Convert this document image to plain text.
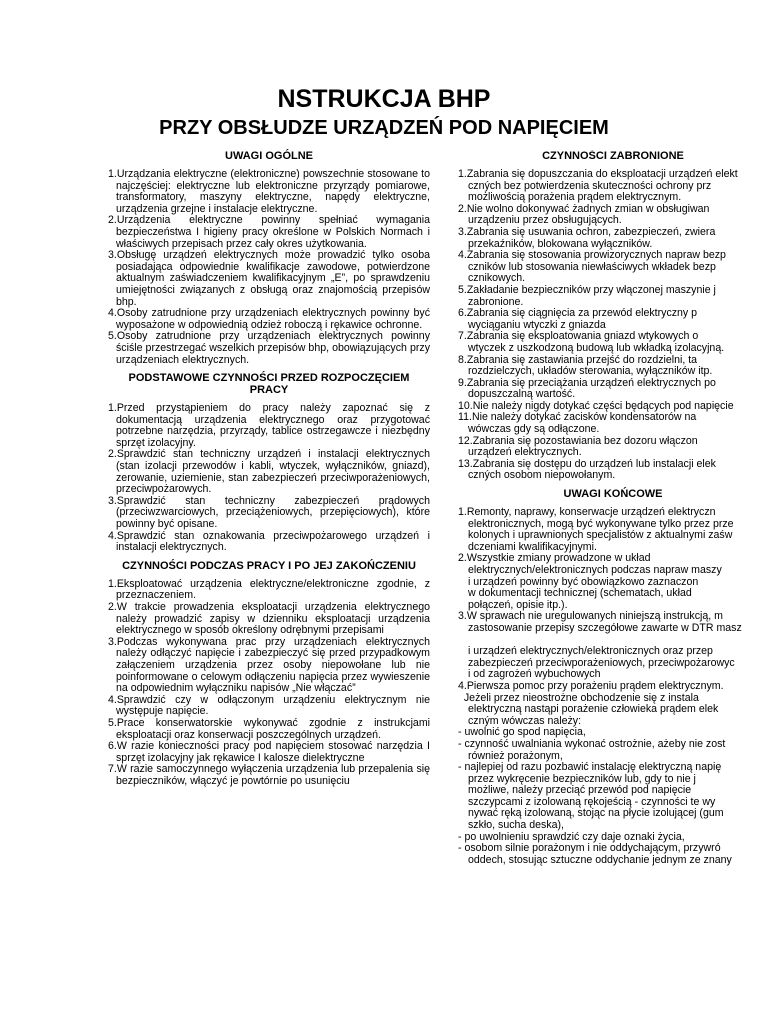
NSTRUKCJA BHP
PRZY OBSŁUDZE URZĄDZEŃ POD NAPIĘCIEM
UWAGI OGÓLNE
1.Urządzania elektryczne (elektroniczne) powszechnie stosowane to najczęściej: elektryczne lub elektroniczne przyrządy pomiarowe, transformatory, maszyny elektryczne, napędy elektryczne, urządzenia grzejne i instalacje elektryczne.
2.Urządzenia elektryczne powinny spełniać wymagania bezpieczeństwa I higieny pracy określone w Polskich Normach i właściwych przepisach przez cały okres użytkowania.
3.Obsługę urządzeń elektrycznych może prowadzić tylko osoba posiadająca odpowiednie kwalifikacje zawodowe, potwierdzone aktualnym zaświadczeniem kwalifikacyjnym „E”, po sprawdzeniu umiejętności związanych z obsługą oraz znajomością przepisów bhp.
4.Osoby zatrudnione przy urządzeniach elektrycznych powinny być wyposażone w odpowiednią odzież roboczą i rękawice ochronne.
5.Osoby zatrudnione przy urządzeniach elektrycznych powinny ściśle przestrzegać wszelkich przepisów bhp, obowiązujących przy urządzeniach elektrycznych.
PODSTAWOWE CZYNNOŚCI PRZED ROZPOCZĘCIEM PRACY
1.Przed przystąpieniem do pracy należy zapoznać się z dokumentacją urządzenia elektrycznego oraz przygotować potrzebne narzędzia, przyrządy, tablice ostrzegawcze i niezbędny sprzęt izolacyjny.
2.Sprawdzić stan techniczny urządzeń i instalacji elektrycznych (stan izolacji przewodów i kabli, wtyczek, wyłączników, gniazd), zerowanie, uziemienie, stan zabezpieczeń przeciwporażeniowych, przeciwpożarowych.
3.Sprawdzić stan techniczny zabezpieczeń prądowych (przeciwzwarciowych, przeciążeniowych, przepięciowych), które powinny być opisane.
4.Sprawdzić stan oznakowania przeciwpożarowego urządzeń i instalacji elektrycznych.
CZYNNOŚCI PODCZAS PRACY I PO JEJ ZAKOŃCZENIU
1.Eksploatować urządzenia elektryczne/elektroniczne zgodnie, z przeznaczeniem.
2.W trakcie prowadzenia eksploatacji urządzenia elektrycznego należy prowadzić zapisy w dzienniku eksploatacji urządzenia elektrycznego w sposób określony odrębnymi przepisami
3.Podczas wykonywana prac przy urządzeniach elektrycznych należy odłączyć napięcie i zabezpieczyć się przed przypadkowym załączeniem urządzenia przez osoby niepowołane lub nie poinformowane o celowym odłączeniu napięcia przez wywieszenie na odpowiednim wyłączniku napisów „Nie włączać”
4.Sprawdzić czy w odłączonym urządzeniu elektrycznym nie występuje napięcie.
5.Prace konserwatorskie wykonywać zgodnie z instrukcjami eksploatacji oraz konserwacji poszczególnych urządzeń.
6.W razie konieczności pracy pod napięciem stosować narzędzia I sprzęt izolacyjny jak rękawice I kalosze dielektryczne
7.W razie samoczynnego wyłączenia urządzenia lub przepalenia się bezpieczników, włączyć je powtórnie po usunięciu
CZYNNOŚCI ZABRONIONE
1.Zabrania się dopuszczania do eksploatacji urządzeń elekt
czných bez potwierdzenia skuteczności ochrony prz
możliwością porażenia prądem elektrycznym.
2.Nie wolno dokonywać żadnych zmian w obsługiwan
urządzeniu przez obsługujących.
3.Zabrania się usuwania ochron, zabezpieczeń, zwiera
przekaźników, blokowana wyłączników.
4.Zabrania się stosowania prowizorycznych napraw bezp
czników lub stosowania niewłaściwych wkładek bezp
cznikowych.
5.Zakładanie bezpieczników przy włączonej maszynie j
zabronione.
6.Zabrania się ciągnięcia za przewód elektryczny p
wyciąganiu wtyczki z gniazda
7.Zabrania się eksploatowania gniazd wtykowych o
wtyczek z uszkodzoną budową lub wkładką izolacyjną.
8.Zabrania się zastawiania przejść do rozdzielni, ta
rozdzielczych, układów sterowania, wyłączników itp.
9.Zabrania się przeciążania urządzeń elektrycznych po
dopuszczalną wartość.
10.Nie należy nigdy dotykać części będących pod napięcie
11.Nie należy dotykać zacisków kondensatorów na
wówczas gdy są odłączone.
12.Zabrania się pozostawiania bez dozoru włączon
urządzeń elektrycznych.
13.Zabrania się dostępu do urządzeń lub instalacji elek
czných osobom niepowołanym.
UWAGI KOŃCOWE
1.Remonty, naprawy, konserwacje urządzeń elektryczn
elektronicznych, mogą być wykonywane tylko przez prze
kolonych i uprawnionych specjalistów z aktualnymi zaśw
dczeniami kwalifikacyjnymi.
2.Wszystkie zmiany prowadzone w układ
elektrycznych/elektronicznych podczas napraw maszy
i urządzeń powinny być obowiązkowo zaznaczon
w dokumentacji technicznej (schematach, układ
połączeń, opisie itp.).
3.W sprawach nie uregulowanych niniejszą instrukcją, m
zastosowanie przepisy szczegółowe zawarte w DTR masz
i urządzeń elektrycznych/elektronicznych oraz przep
zabezpieczeń przeciwporażeniowych, przeciwpożarowyc
i od zagrożeń wybuchowych
4.Pierwsza pomoc przy porażeniu prądem elektrycznym.
Jeżeli przez nieostrożne obchodzenie się z instala
elektryczną nastąpi porażenie człowieka prądem elek
czným wówczas należy:
- uwolnić go spod napięcia,
- czynność uwalniania wykonać ostrożnie, ażeby nie zost
również porażonym,
- najlepiej od razu pozbawić instalację elektryczną napię
przez wykręcenie bezpieczników lub, gdy to nie j
możliwe, należy przeciąć przewód pod napięcie
szczypcami z izolowaną rękojeścią - czynności te wy
nywać ręką izolowaną, stojąc na płycie izolującej (gum
szkło, sucha deska),
- po uwolnieniu sprawdzić czy daje oznaki życia,
- osobom silnie porażonym i nie oddychającym, przywró
oddech, stosując sztuczne oddychanie jednym ze znany
